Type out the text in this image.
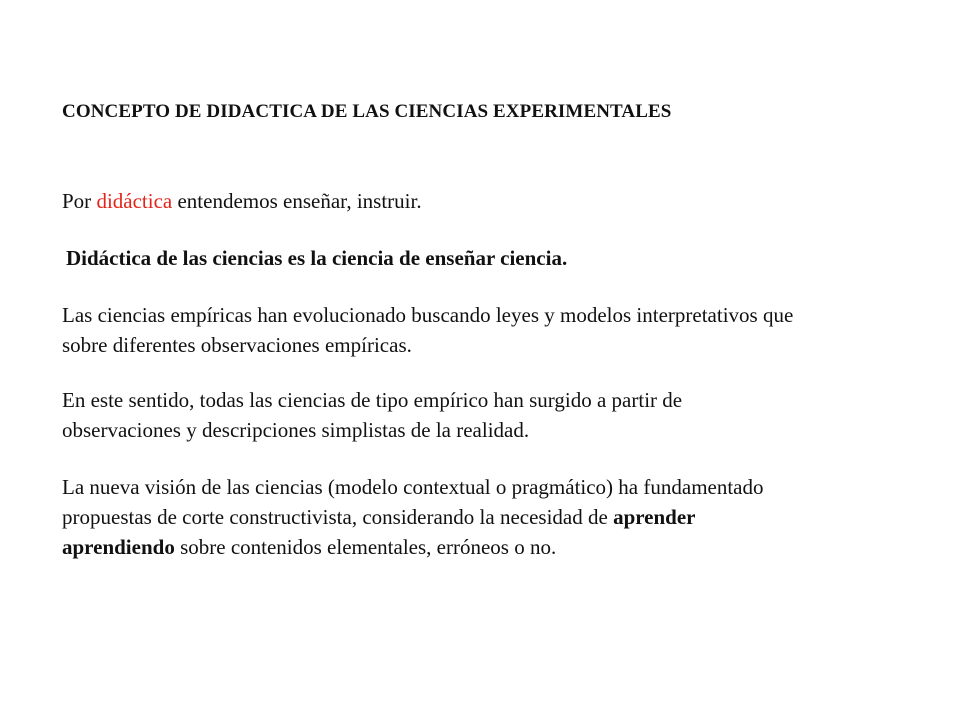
CONCEPTO DE DIDACTICA DE LAS CIENCIAS EXPERIMENTALES
Por didáctica entendemos enseñar, instruir.
Didáctica de las ciencias es la ciencia de enseñar ciencia.
Las ciencias empíricas han evolucionado buscando leyes y modelos interpretativos que
sobre diferentes observaciones empíricas.
En este sentido, todas las ciencias de tipo empírico han surgido a partir de
observaciones y descripciones simplistas de la realidad.
La nueva visión de las ciencias (modelo contextual o pragmático) ha fundamentado
propuestas de corte constructivista, considerando la necesidad de aprender
aprendiendo sobre contenidos elementales, erróneos o no.
